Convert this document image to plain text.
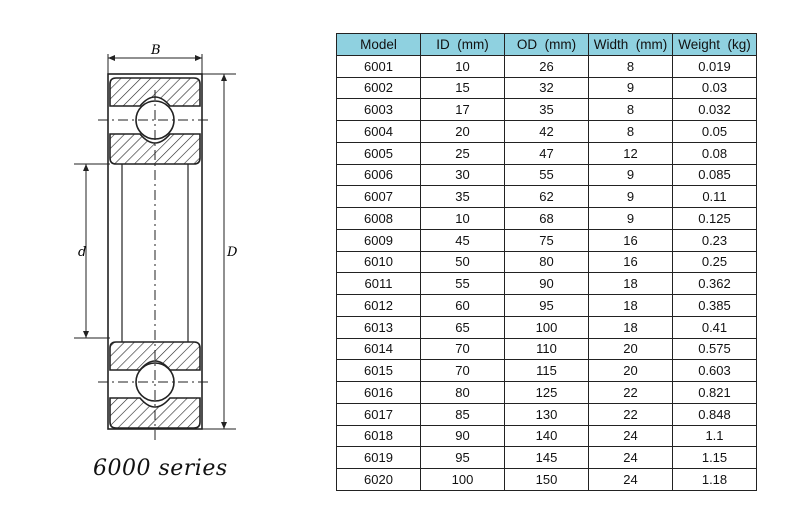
B
d	D
6000 series
Model	ID  (mm)	OD  (mm)	Width  (mm)	Weight  (kg)
6001	10	26	8	0.019
6002	15	32	9	0.03
6003	17	35	8	0.032
6004	20	42	8	0.05
6005	25	47	12	0.08
6006	30	55	9	0.085
6007	35	62	9	0.11
6008	10	68	9	0.125
6009	45	75	16	0.23
6010	50	80	16	0.25
6011	55	90	18	0.362
6012	60	95	18	0.385
6013	65	100	18	0.41
6014	70	110	20	0.575
6015	70	115	20	0.603
6016	80	125	22	0.821
6017	85	130	22	0.848
6018	90	140	24	1.1
6019	95	145	24	1.15
6020	100	150	24	1.18
